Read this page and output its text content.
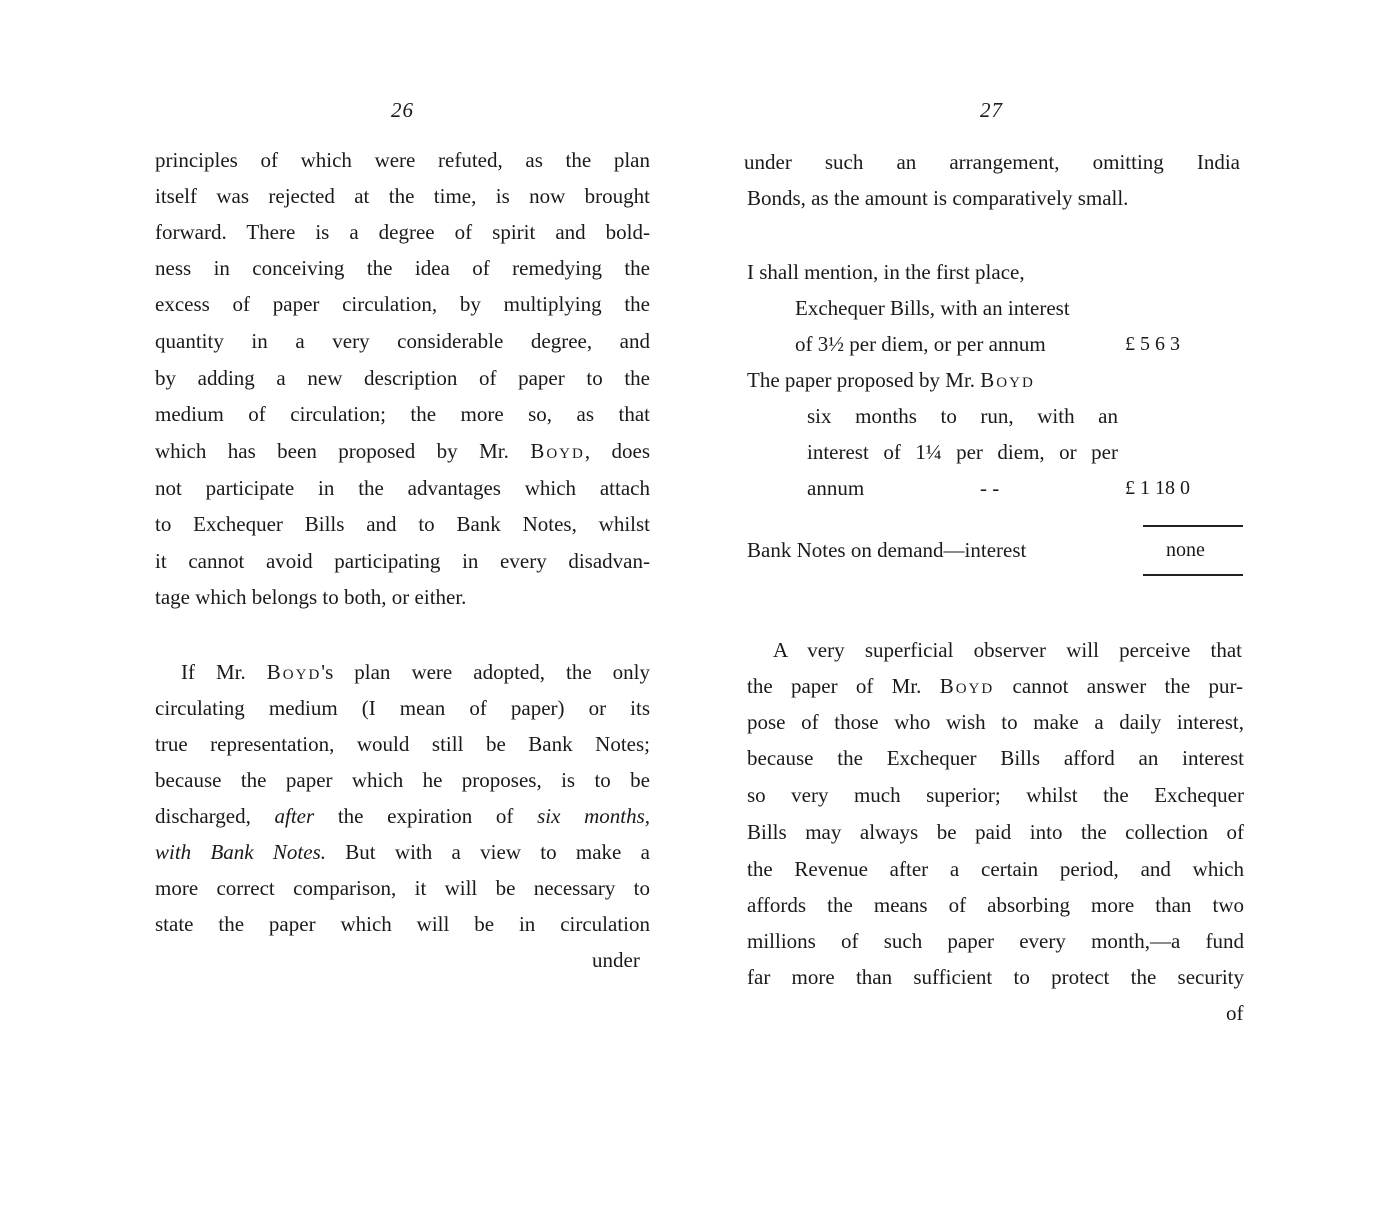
26
principles of which were refuted, as the plan
itself was rejected at the time, is now brought
forward. There is a degree of spirit and bold-
ness in conceiving the idea of remedying the
excess of paper circulation, by multiplying the
quantity in a very considerable degree, and
by adding a new description of paper to the
medium of circulation; the more so, as that
which has been proposed by Mr. Boyd, does
not participate in the advantages which attach
to Exchequer Bills and to Bank Notes, whilst
it cannot avoid participating in every disadvan-
tage which belongs to both, or either.
If Mr. Boyd's plan were adopted, the only
circulating medium (I mean of paper) or its
true representation, would still be Bank Notes;
because the paper which he proposes, is to be
discharged, after the expiration of six months,
with Bank Notes. But with a view to make a
more correct comparison, it will be necessary to
state the paper which will be in circulation
under
27
under such an arrangement, omitting India
Bonds, as the amount is comparatively small.
I shall mention, in the first place,
Exchequer Bills, with an interest
of 3½ per diem, or per annum	£ 5 6 3
The paper proposed by Mr. Boyd
six months to run, with an
interest of 1¼ per diem, or per
annum	- -	£ 1 18 0
Bank Notes on demand—interest	none
A very superficial observer will perceive that
the paper of Mr. Boyd cannot answer the pur-
pose of those who wish to make a daily interest,
because the Exchequer Bills afford an interest
so very much superior; whilst the Exchequer
Bills may always be paid into the collection of
the Revenue after a certain period, and which
affords the means of absorbing more than two
millions of such paper every month,—a fund
far more than sufficient to protect the security
of
